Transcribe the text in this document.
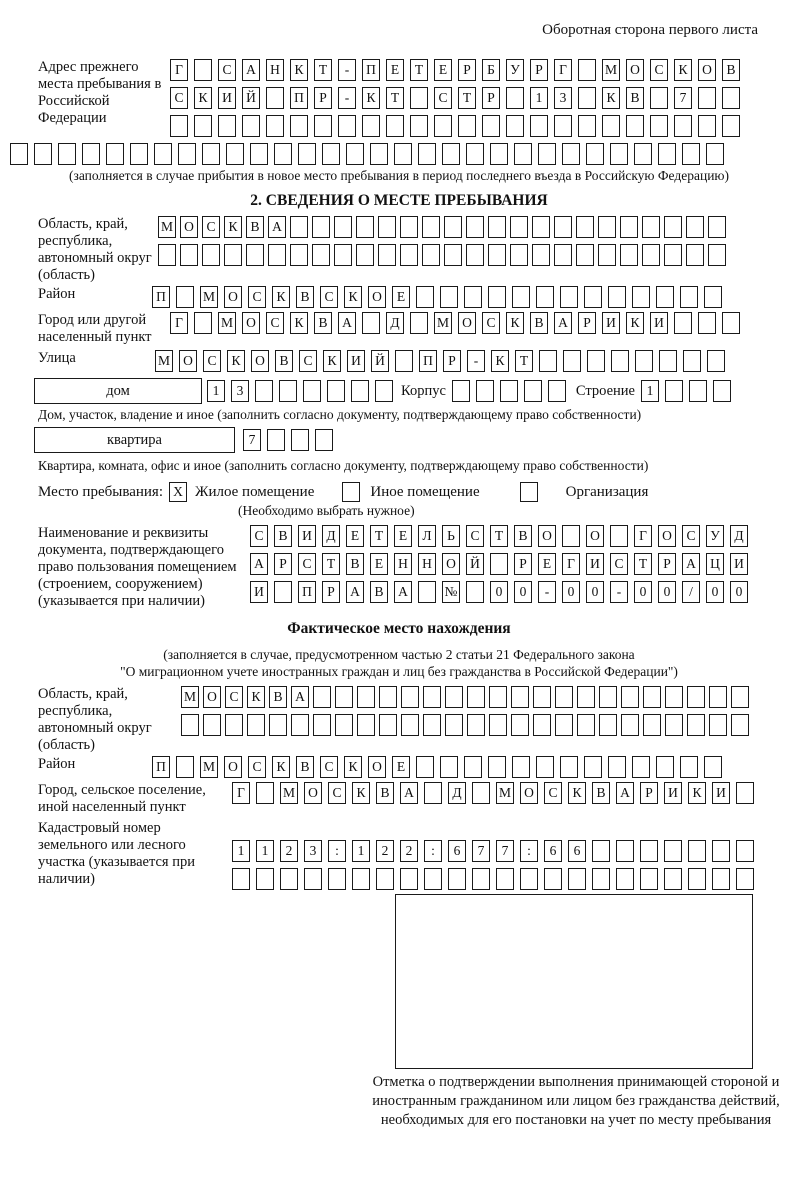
Оборотная сторона первого листа
Адрес прежнего места пребывания в Российской Федерации
Г	С	А	Н	К	Т	-	П	Е	Т	Е	Р	Б	У	Р	Г	М О	С	К	О	В
С	К	И	Й	П	Р	-	К	Т	С	Т	Р	1	3	К	В	7
(заполняется в случае прибытия в новое место пребывания в период последнего въезда в Российскую Федерацию)
2. СВЕДЕНИЯ О МЕСТЕ ПРЕБЫВАНИЯ
Область, край, республика, автономный округ (область)
М О С К В А
Район	П	М О	С	К	В	С	К	О	Е
Город или другой населенный пункт
Г	М О	С	К	В	А	Д	М О	С	К	В	А	Р	И	К	И
Улица	М О	С	К	О	В	С	К	И	Й	П	Р	-	К	Т
дом	1	3	Корпус	Строение 1
Дом, участок, владение и иное (заполнить согласно документу, подтверждающему право собственности)
квартира	7
Квартира, комната, офис и иное (заполнить согласно документу, подтверждающему право собственности)
Место пребывания: X Жилое помещение	Иное помещение	Организация
(Необходимо выбрать нужное)
Наименование и реквизиты документа, подтверждающего право пользования помещением (строением, сооружением) (указывается при наличии)
С	В	И	Д	Е	Т	Е	Л	Ь	С	Т	В	О	О	Г	О	С	У	Д
А	Р	С	Т	В	Е	Н	Н	О	Й	Р	Е	Г	И	С	Т	Р	А	Ц	И
И	П	Р	А	В	А	№	0	0	-	0	0	-	0	0	/	0	0
Фактическое место нахождения
(заполняется в случае, предусмотренном частью 2 статьи 21 Федерального закона
"О миграционном учете иностранных граждан и лиц без гражданства в Российской Федерации")
Область, край, республика, автономный округ (область)
М О С К В А
Район	П	М О	С	К	В	С	К	О	Е
Город, сельское поселение, иной населенный пункт
Г	М О	С	К	В	А	Д	М О	С	К	В	А	Р	И	К	И
Кадастровый номер земельного или лесного участка (указывается при наличии)
1	1	2	3	:	1	2	2	:	6	7	7	:	6	6
Отметка о подтверждении выполнения принимающей стороной и иностранным гражданином или лицом без гражданства действий, необходимых для его постановки на учет по месту пребывания
